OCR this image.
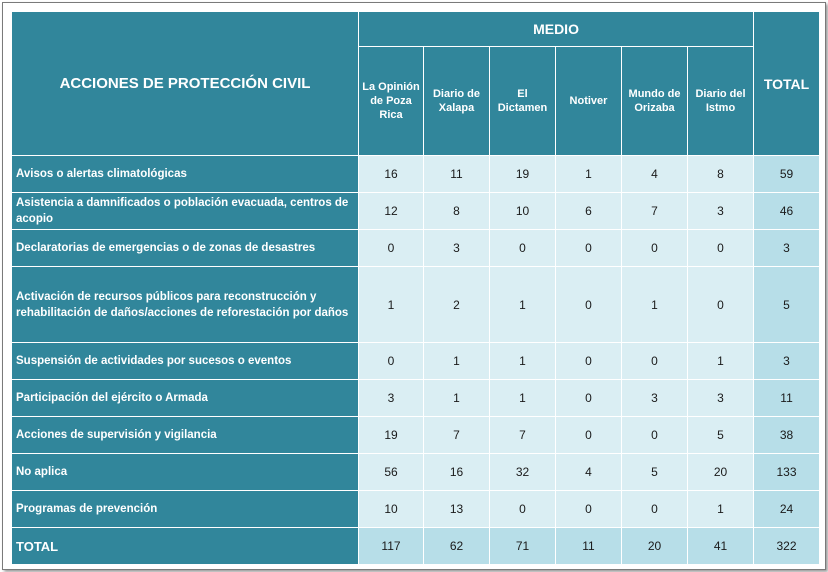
ACCIONES DE PROTECCIÓN CIVIL	MEDIO						TOTAL
	La Opinión de Poza Rica	Diario de Xalapa	El Dictamen	Notiver	Mundo de Orizaba	Diario del Istmo	
Avisos o alertas climatológicas	16	11	19	1	4	8	59
Asistencia a damnificados o población evacuada, centros de acopio	12	8	10	6	7	3	46
Declaratorias de emergencias o de zonas de desastres	0	3	0	0	0	0	3
Activación de recursos públicos para reconstrucción y rehabilitación de daños/acciones de reforestación por daños	1	2	1	0	1	0	5
Suspensión de actividades por sucesos o eventos	0	1	1	0	0	1	3
Participación del ejército o Armada	3	1	1	0	3	3	11
Acciones de supervisión y vigilancia	19	7	7	0	0	5	38
No aplica	56	16	32	4	5	20	133
Programas de prevención	10	13	0	0	0	1	24
TOTAL	117	62	71	11	20	41	322
